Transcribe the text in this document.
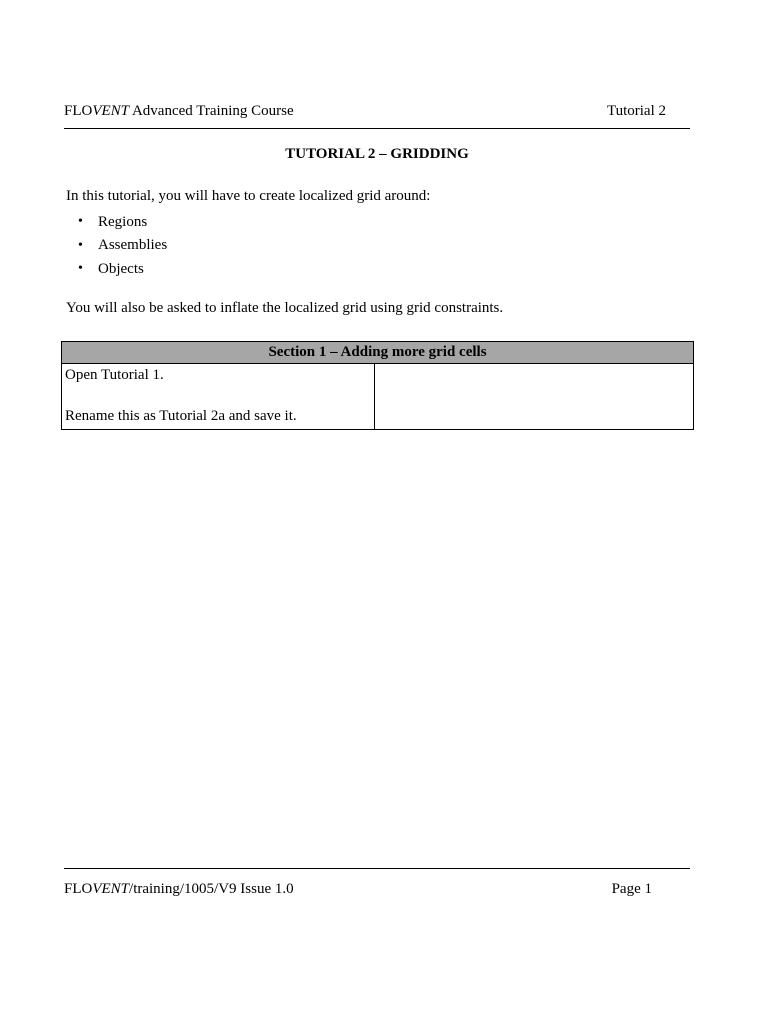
FLOVENT Advanced Training Course	Tutorial 2
TUTORIAL 2 – GRIDDING
In this tutorial, you will have to create localized grid around:
•
Regions
•
Assemblies
•
Objects
You will also be asked to inflate the localized grid using grid constraints.
Section 1 – Adding more grid cells

Open Tutorial 1.

Rename this as Tutorial 2a and save it.

FLOVENT/training/1005/V9 Issue 1.0	Page 1
